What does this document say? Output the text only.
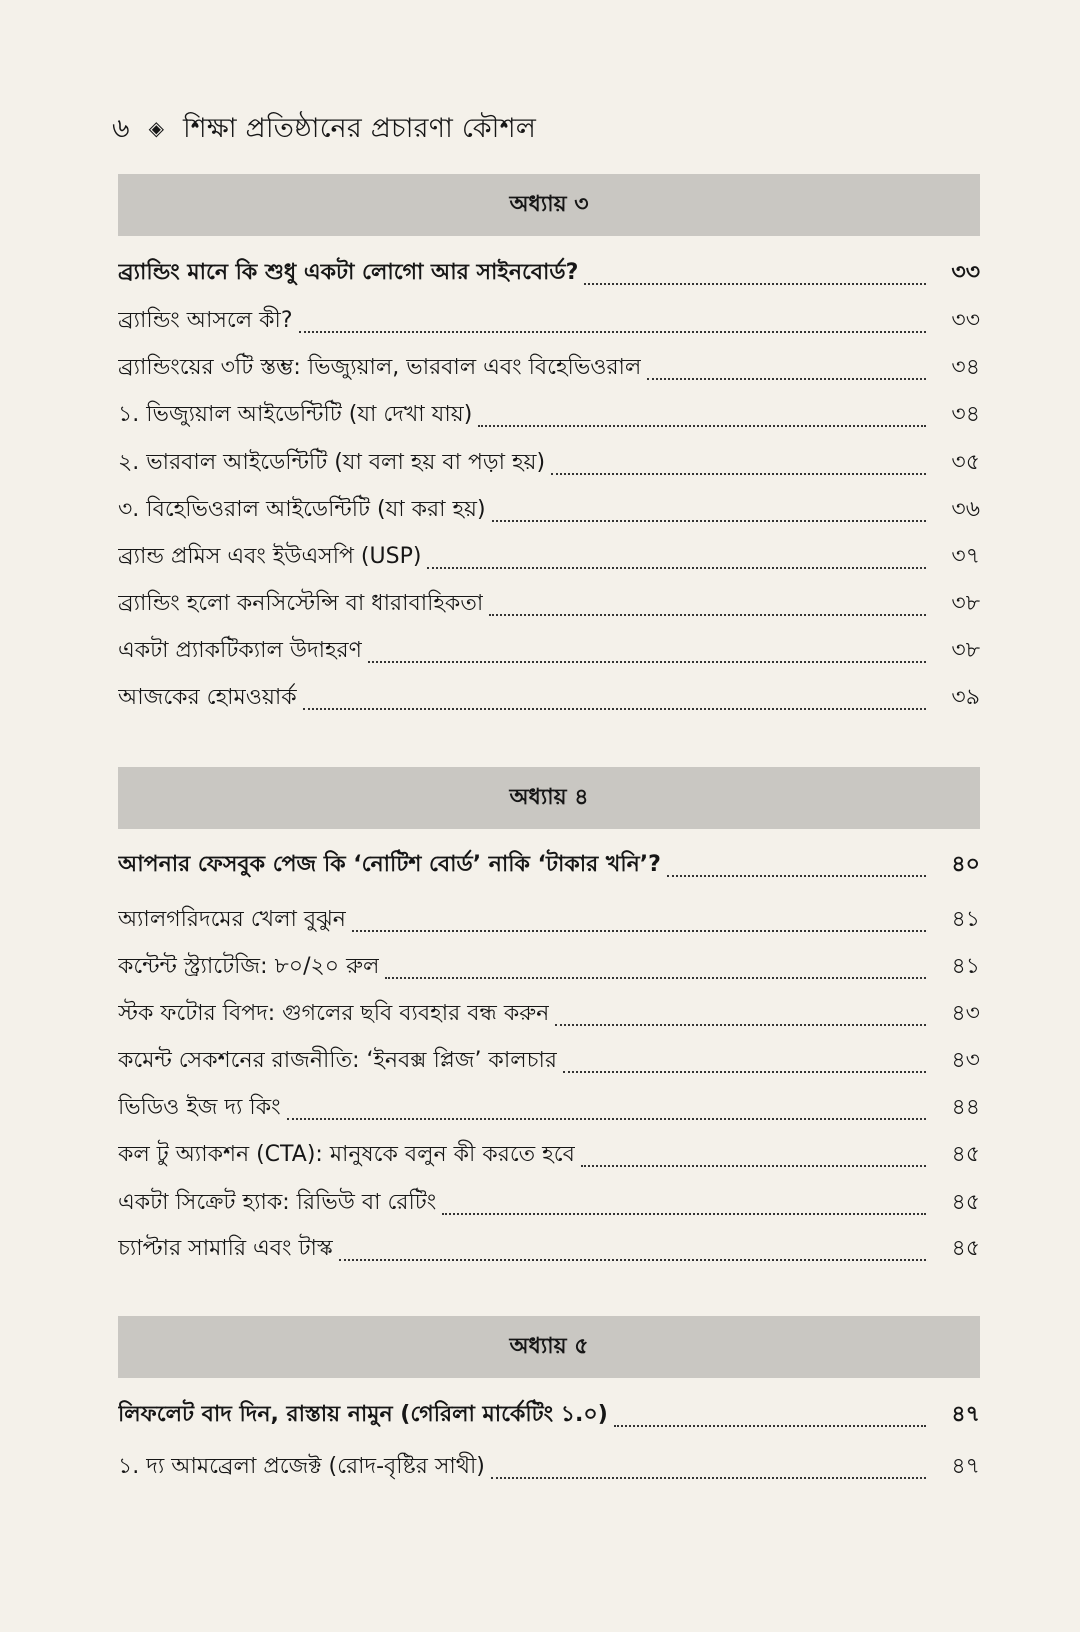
৬ ◈ শিক্ষা প্রতিষ্ঠানের প্রচারণা কৌশল
অধ্যায় ৩
ব্র্যান্ডিং মানে কি শুধু একটা লোগো আর সাইনবোর্ড?	৩৩
ব্র্যান্ডিং আসলে কী?	৩৩
ব্র্যান্ডিংয়ের ৩টি স্তম্ভ: ভিজ্যুয়াল, ভারবাল এবং বিহেভিওরাল	৩৪
১. ভিজ্যুয়াল আইডেন্টিটি (যা দেখা যায়)	৩৪
২. ভারবাল আইডেন্টিটি (যা বলা হয় বা পড়া হয়)	৩৫
৩. বিহেভিওরাল আইডেন্টিটি (যা করা হয়)	৩৬
ব্র্যান্ড প্রমিস এবং ইউএসপি (USP)	৩৭
ব্র্যান্ডিং হলো কনসিস্টেন্সি বা ধারাবাহিকতা	৩৮
একটা প্র্যাকটিক্যাল উদাহরণ	৩৮
আজকের হোমওয়ার্ক	৩৯
অধ্যায় ৪
আপনার ফেসবুক পেজ কি ‘নোটিশ বোর্ড’ নাকি ‘টাকার খনি’?	৪০
অ্যালগরিদমের খেলা বুঝুন	৪১
কন্টেন্ট স্ট্র্যাটেজি: ৮০/২০ রুল	৪১
স্টক ফটোর বিপদ: গুগলের ছবি ব্যবহার বন্ধ করুন	৪৩
কমেন্ট সেকশনের রাজনীতি: ‘ইনবক্স প্লিজ’ কালচার	৪৩
ভিডিও ইজ দ্য কিং	৪৪
কল টু অ্যাকশন (CTA): মানুষকে বলুন কী করতে হবে	৪৫
একটা সিক্রেট হ্যাক: রিভিউ বা রেটিং	৪৫
চ্যাপ্টার সামারি এবং টাস্ক	৪৫
অধ্যায় ৫
লিফলেট বাদ দিন, রাস্তায় নামুন (গেরিলা মার্কেটিং ১.০)	৪৭
১. দ্য আমব্রেলা প্রজেক্ট (রোদ-বৃষ্টির সাথী)	৪৭
